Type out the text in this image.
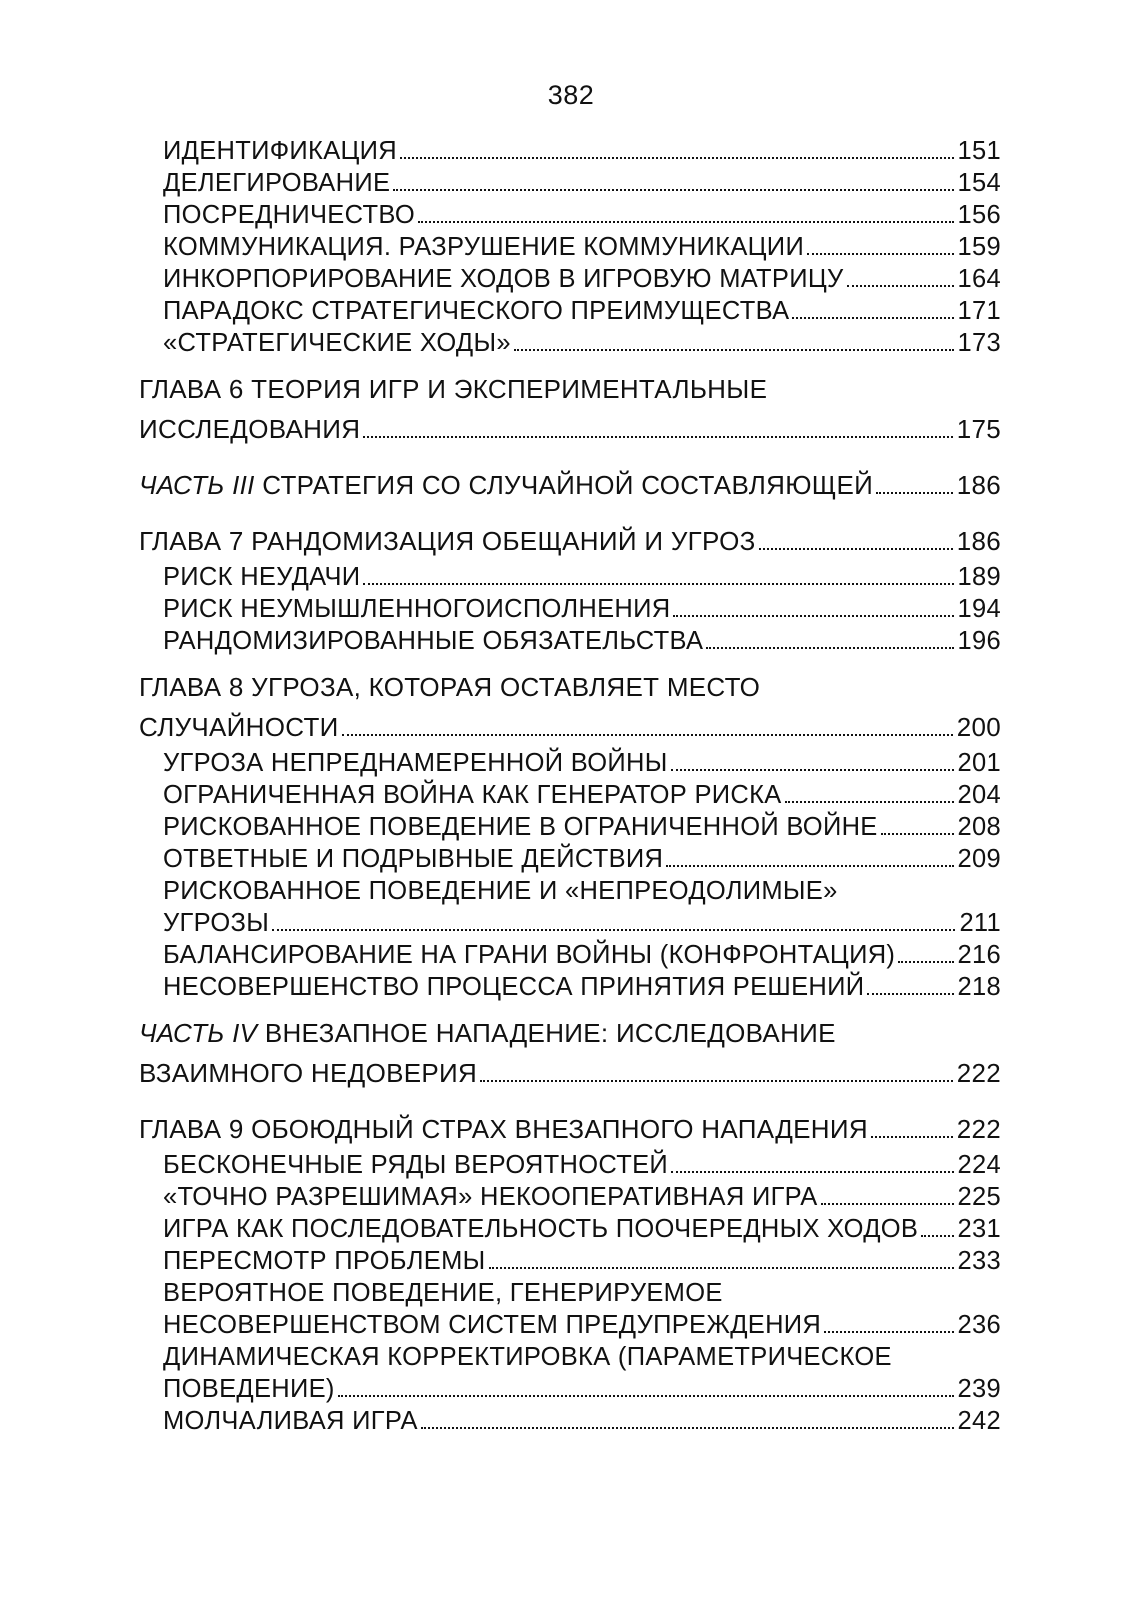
382
ИДЕНТИФИКАЦИЯ	151
ДЕЛЕГИРОВАНИЕ	154
ПОСРЕДНИЧЕСТВО	156
КОММУНИКАЦИЯ. РАЗРУШЕНИЕ КОММУНИКАЦИИ	159
ИНКОРПОРИРОВАНИЕ ХОДОВ В ИГРОВУЮ МАТРИЦУ	164
ПАРАДОКС СТРАТЕГИЧЕСКОГО ПРЕИМУЩЕСТВА	171
«СТРАТЕГИЧЕСКИЕ ХОДЫ»	173
ГЛАВА 6 ТЕОРИЯ ИГР И ЭКСПЕРИМЕНТАЛЬНЫЕ
ИССЛЕДОВАНИЯ	175
ЧАСТЬ III СТРАТЕГИЯ СО СЛУЧАЙНОЙ СОСТАВЛЯЮЩЕЙ	186
ГЛАВА 7 РАНДОМИЗАЦИЯ ОБЕЩАНИЙ И УГРОЗ	186
РИСК НЕУДАЧИ	189
РИСК НЕУМЫШЛЕННОГОИСПОЛНЕНИЯ	194
РАНДОМИЗИРОВАННЫЕ ОБЯЗАТЕЛЬСТВА	196
ГЛАВА 8 УГРОЗА, КОТОРАЯ ОСТАВЛЯЕТ МЕСТО
СЛУЧАЙНОСТИ	200
УГРОЗА НЕПРЕДНАМЕРЕННОЙ ВОЙНЫ	201
ОГРАНИЧЕННАЯ ВОЙНА КАК ГЕНЕРАТОР РИСКА	204
РИСКОВАННОЕ ПОВЕДЕНИЕ В ОГРАНИЧЕННОЙ ВОЙНЕ	208
ОТВЕТНЫЕ И ПОДРЫВНЫЕ ДЕЙСТВИЯ	209
РИСКОВАННОЕ ПОВЕДЕНИЕ И «НЕПРЕОДОЛИМЫЕ»
УГРОЗЫ	211
БАЛАНСИРОВАНИЕ НА ГРАНИ ВОЙНЫ (КОНФРОНТАЦИЯ) 216
НЕСОВЕРШЕНСТВО ПРОЦЕССА ПРИНЯТИЯ РЕШЕНИЙ	218
ЧАСТЬ IV ВНЕЗАПНОЕ НАПАДЕНИЕ: ИССЛЕДОВАНИЕ
ВЗАИМНОГО НЕДОВЕРИЯ	222
ГЛАВА 9 ОБОЮДНЫЙ СТРАХ ВНЕЗАПНОГО НАПАДЕНИЯ	222
БЕСКОНЕЧНЫЕ РЯДЫ ВЕРОЯТНОСТЕЙ	224
«ТОЧНО РАЗРЕШИМАЯ» НЕКООПЕРАТИВНАЯ ИГРА	225
ИГРА КАК ПОСЛЕДОВАТЕЛЬНОСТЬ ПООЧЕРЕДНЫХ ХОДОВ 231
ПЕРЕСМОТР ПРОБЛЕМЫ	233
ВЕРОЯТНОЕ ПОВЕДЕНИЕ, ГЕНЕРИРУЕМОЕ
НЕСОВЕРШЕНСТВОМ СИСТЕМ ПРЕДУПРЕЖДЕНИЯ	236
ДИНАМИЧЕСКАЯ КОРРЕКТИРОВКА (ПАРАМЕТРИЧЕСКОЕ
ПОВЕДЕНИЕ)	239
МОЛЧАЛИВАЯ ИГРА	242
